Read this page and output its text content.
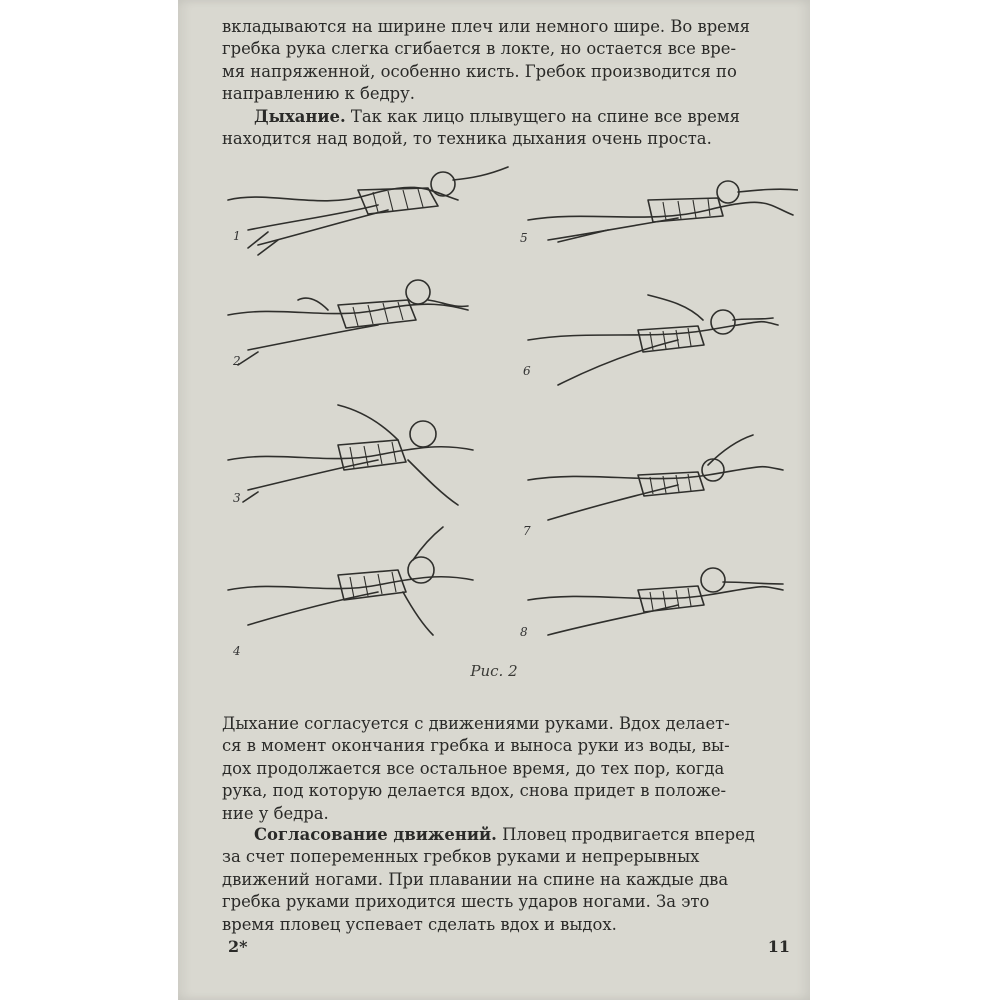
вкладываются на ширине плеч или немного шире. Во время
гребка рука слегка сгибается в локте, но остается все вре-
мя напряженной, особенно кисть. Гребок производится по
направлению к бедру.
Дыхание. Так как лицо плывущего на спине все время
находится над водой, то техника дыхания очень проста.
1
2
3
4
5
6
7
8
Рис. 2
Дыхание согласуется с движениями руками. Вдох делает-
ся в момент окончания гребка и выноса руки из воды, вы-
дох продолжается все остальное время, до тех пор, когда
рука, под которую делается вдох, снова придет в положе-
ние у бедра.
Согласование движений. Пловец продвигается вперед
за счет попеременных гребков руками и непрерывных
движений ногами. При плавании на спине на каждые два
гребка руками приходится шесть ударов ногами. За это
время пловец успевает сделать вдох и выдох.
2*	11
